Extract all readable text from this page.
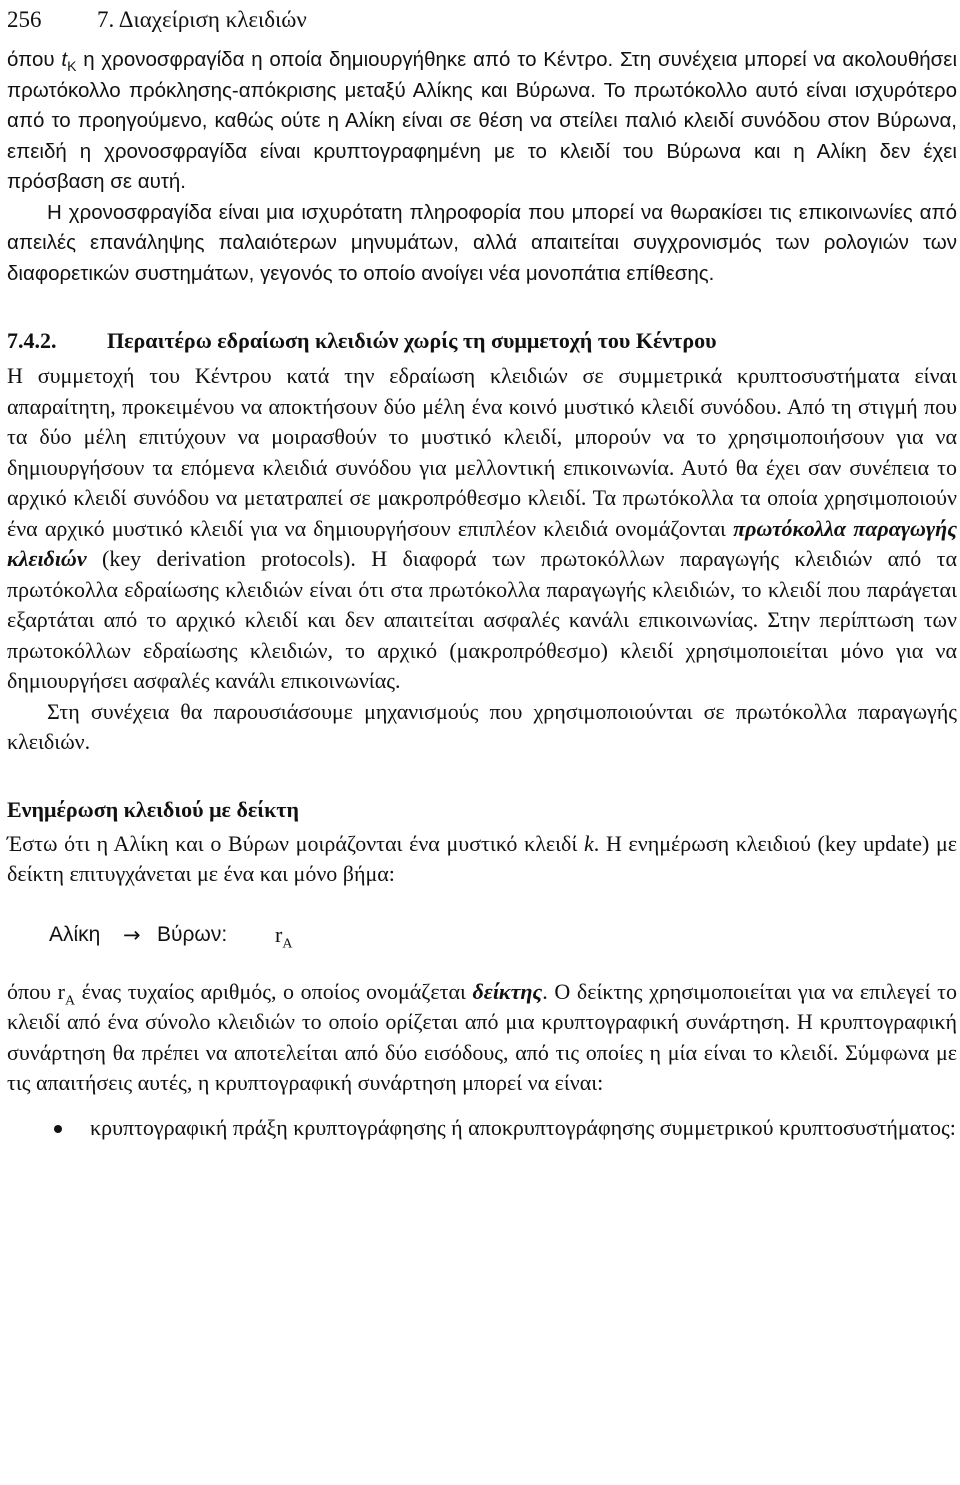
256 7. Διαχείριση κλειδιών

όπου $t_K$ η χρονοσφραγίδα η οποία δημιουργήθηκε από το Κέντρο. Στη συνέχεια μπορεί να ακολουθήσει πρωτόκολλο πρόκλησης-απόκρισης μεταξύ Αλίκης και Βύρωνα. Το πρωτόκολλο αυτό είναι ισχυρότερο από το προηγούμενο, καθώς ούτε η Αλίκη είναι σε θέση να στείλει παλιό κλειδί συνόδου στον Βύρωνα, επειδή η χρονοσφραγίδα είναι κρυπτογραφημένη με το κλειδί του Βύρωνα και η Αλίκη δεν έχει πρόσβαση σε αυτή.

Η χρονοσφραγίδα είναι μια ισχυρότατη πληροφορία που μπορεί να θωρακίσει τις επικοινωνίες από απειλές επανάληψης παλαιότερων μηνυμάτων, αλλά απαιτείται συγχρονισμός των ρολογιών των διαφορετικών συστημάτων, γεγονός το οποίο ανοίγει νέα μονοπάτια επίθεσης.

7.4.2. Περαιτέρω εδραίωση κλειδιών χωρίς τη συμμετοχή του Κέντρου

Η συμμετοχή του Κέντρου κατά την εδραίωση κλειδιών σε συμμετρικά κρυπτοσυστήματα είναι απαραίτητη, προκειμένου να αποκτήσουν δύο μέλη ένα κοινό μυστικό κλειδί συνόδου. Από τη στιγμή που τα δύο μέλη επιτύχουν να μοιρασθούν το μυστικό κλειδί, μπορούν να το χρησιμοποιήσουν για να δημιουργήσουν τα επόμενα κλειδιά συνόδου για μελλοντική επικοινωνία. Αυτό θα έχει σαν συνέπεια το αρχικό κλειδί συνόδου να μετατραπεί σε μακροπρόθεσμο κλειδί. Τα πρωτόκολλα τα οποία χρησιμοποιούν ένα αρχικό μυστικό κλειδί για να δημιουργήσουν επιπλέον κλειδιά ονομάζονται πρωτόκολλα παραγωγής κλειδιών (key derivation protocols). Η διαφορά των πρωτοκόλλων παραγωγής κλειδιών από τα πρωτόκολλα εδραίωσης κλειδιών είναι ότι στα πρωτόκολλα παραγωγής κλειδιών, το κλειδί που παράγεται εξαρτάται από το αρχικό κλειδί και δεν απαιτείται ασφαλές κανάλι επικοινωνίας. Στην περίπτωση των πρωτοκόλλων εδραίωσης κλειδιών, το αρχικό (μακροπρόθεσμο) κλειδί χρησιμοποιείται μόνο για να δημιουργήσει ασφαλές κανάλι επικοινωνίας.

Στη συνέχεια θα παρουσιάσουμε μηχανισμούς που χρησιμοποιούνται σε πρωτόκολλα παραγωγής κλειδιών.

Ενημέρωση κλειδιού με δείκτη

Έστω ότι η Αλίκη και ο Βύρων μοιράζονται ένα μυστικό κλειδί k. Η ενημέρωση κλειδιού (key update) με δείκτη επιτυγχάνεται με ένα και μόνο βήμα:

Αλίκη → Βύρων: $r_A$

όπου $r_A$ ένας τυχαίος αριθμός, ο οποίος ονομάζεται δείκτης. Ο δείκτης χρησιμοποιείται για να επιλεγεί το κλειδί από ένα σύνολο κλειδιών το οποίο ορίζεται από μια κρυπτογραφική συνάρτηση. Η κρυπτογραφική συνάρτηση θα πρέπει να αποτελείται από δύο εισόδους, από τις οποίες η μία είναι το κλειδί. Σύμφωνα με τις απαιτήσεις αυτές, η κρυπτογραφική συνάρτηση μπορεί να είναι:

κρυπτογραφική πράξη κρυπτογράφησης ή αποκρυπτογράφησης συμμετρικού κρυπτοσυστήματος:
